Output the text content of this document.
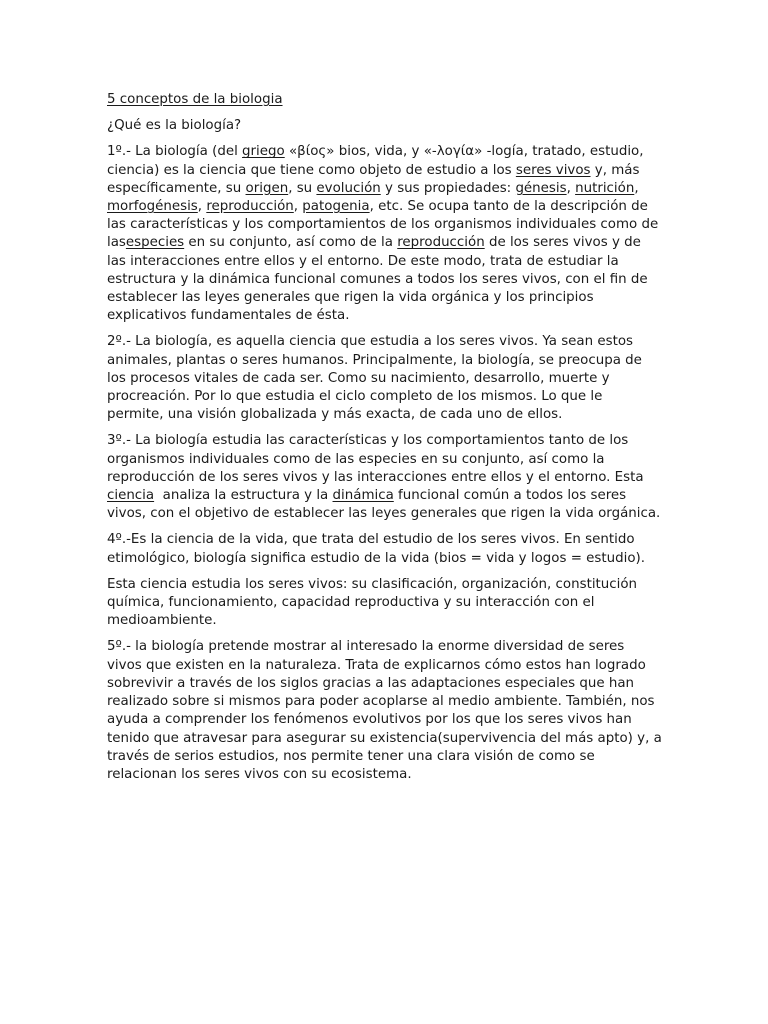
5 conceptos de la biologia

¿Qué es la biología?

1º.- La biología (del griego «βίος» bios, vida, y «-λογία» -logía, tratado, estudio, ciencia) es la ciencia que tiene como objeto de estudio a los seres vivos y, más específicamente, su origen, su evolución y sus propiedades: génesis, nutrición, morfogénesis, reproducción, patogenia, etc. Se ocupa tanto de la descripción de las características y los comportamientos de los organismos individuales como de lasespecies en su conjunto, así como de la reproducción de los seres vivos y de las interacciones entre ellos y el entorno. De este modo, trata de estudiar la estructura y la dinámica funcional comunes a todos los seres vivos, con el fin de establecer las leyes generales que rigen la vida orgánica y los principios explicativos fundamentales de ésta.

2º.- La biología, es aquella ciencia que estudia a los seres vivos. Ya sean estos animales, plantas o seres humanos. Principalmente, la biología, se preocupa de los procesos vitales de cada ser. Como su nacimiento, desarrollo, muerte y procreación. Por lo que estudia el ciclo completo de los mismos. Lo que le permite, una visión globalizada y más exacta, de cada uno de ellos.

3º.- La biología estudia las características y los comportamientos tanto de los organismos individuales como de las especies en su conjunto, así como la reproducción de los seres vivos y las interacciones entre ellos y el entorno. Esta ciencia  analiza la estructura y la dinámica funcional común a todos los seres vivos, con el objetivo de establecer las leyes generales que rigen la vida orgánica.

4º.-Es la ciencia de la vida, que trata del estudio de los seres vivos. En sentido etimológico, biología significa estudio de la vida (bios = vida y logos = estudio).

Esta ciencia estudia los seres vivos: su clasificación, organización, constitución química, funcionamiento, capacidad reproductiva y su interacción con el medioambiente.

5º.- la biología pretende mostrar al interesado la enorme diversidad de seres vivos que existen en la naturaleza. Trata de explicarnos cómo estos han logrado sobrevivir a través de los siglos gracias a las adaptaciones especiales que han realizado sobre si mismos para poder acoplarse al medio ambiente. También, nos ayuda a comprender los fenómenos evolutivos por los que los seres vivos han tenido que atravesar para asegurar su existencia(supervivencia del más apto) y, a través de serios estudios, nos permite tener una clara visión de como se relacionan los seres vivos con su ecosistema.
